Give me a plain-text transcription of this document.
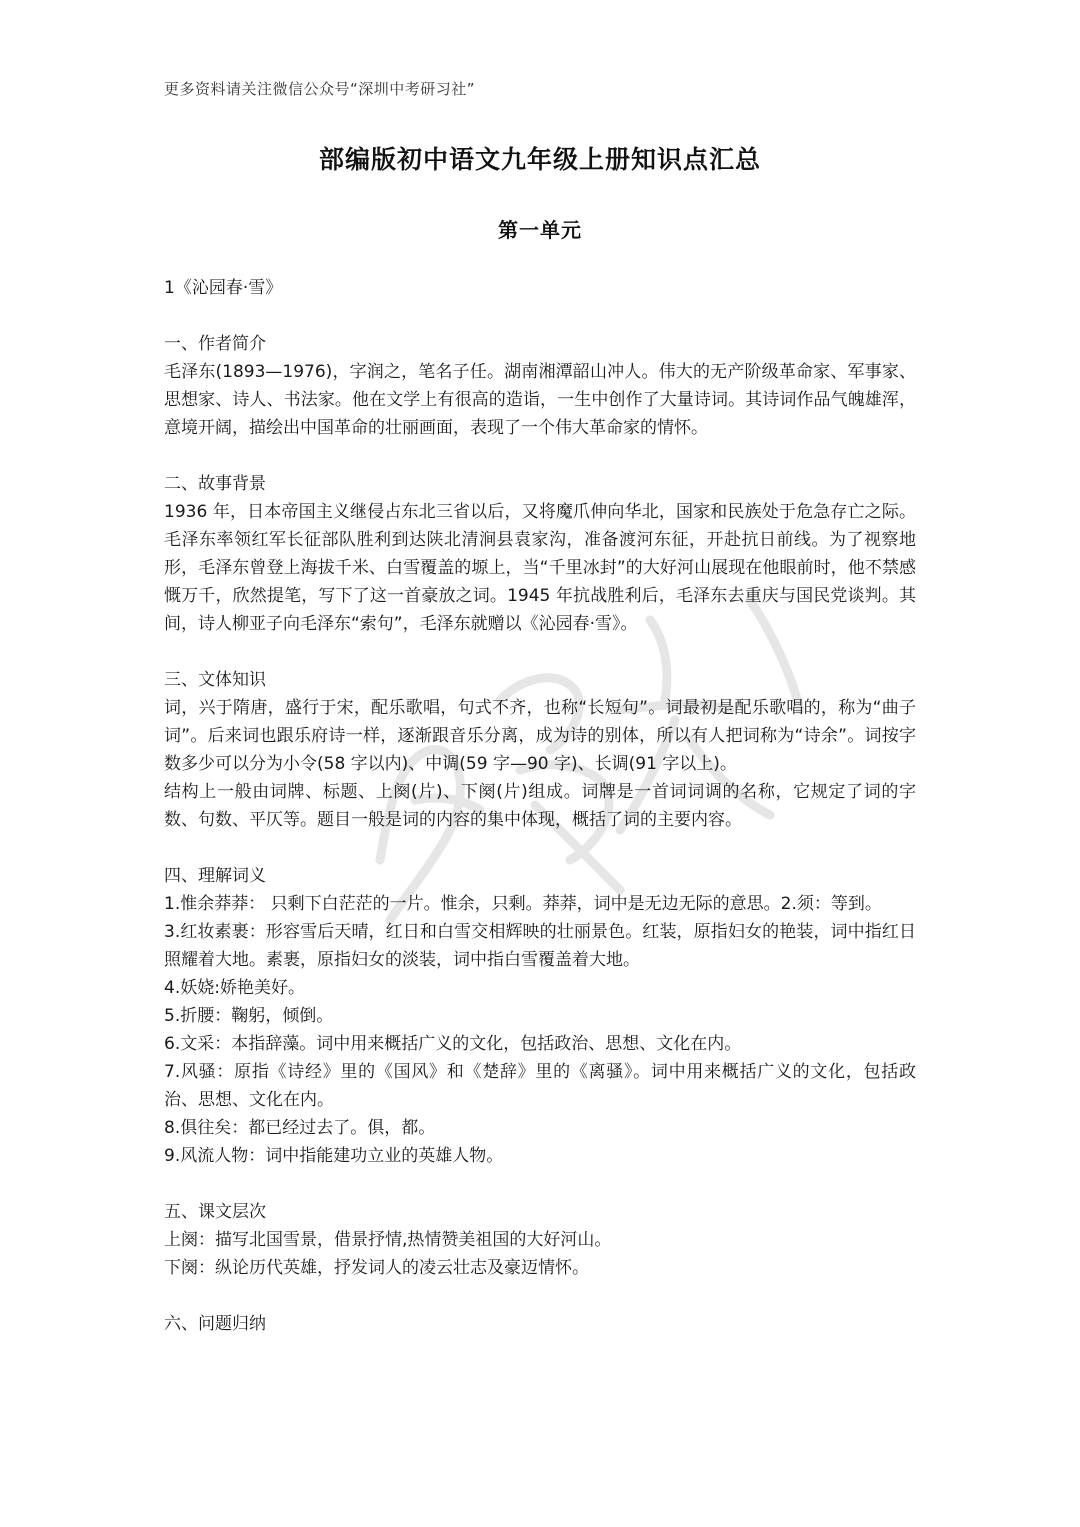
更多资料请关注微信公众号“深圳中考研习社”
部编版初中语文九年级上册知识点汇总
第一单元

1《沁园春·雪》

一、作者简介

毛泽东(1893—1976)，字润之，笔名子任。湖南湘潭韶山冲人。伟大的无产阶级革命家、军事家、思想家、诗人、书法家。他在文学上有很高的造诣，一生中创作了大量诗词。其诗词作品气魄雄浑，意境开阔，描绘出中国革命的壮丽画面，表现了一个伟大革命家的情怀。

二、故事背景

1936 年，日本帝国主义继侵占东北三省以后，又将魔爪伸向华北，国家和民族处于危急存亡之际。毛泽东率领红军长征部队胜利到达陕北清涧县袁家沟，准备渡河东征，开赴抗日前线。为了视察地形，毛泽东曾登上海拔千米、白雪覆盖的塬上，当“千里冰封”的大好河山展现在他眼前时，他不禁感慨万千，欣然提笔，写下了这一首豪放之词。1945 年抗战胜利后，毛泽东去重庆与国民党谈判。其间，诗人柳亚子向毛泽东“索句”，毛泽东就赠以《沁园春·雪》。

三、文体知识

词，兴于隋唐，盛行于宋，配乐歌唱，句式不齐，也称“长短句”。词最初是配乐歌唱的，称为“曲子词”。后来词也跟乐府诗一样，逐渐跟音乐分离，成为诗的别体，所以有人把词称为“诗余”。词按字数多少可以分为小令(58 字以内)、中调(59 字—90 字)、长调(91 字以上)。

结构上一般由词牌、标题、上阕(片)、下阕(片)组成。词牌是一首词词调的名称，它规定了词的字数、句数、平仄等。题目一般是词的内容的集中体现，概括了词的主要内容。

四、理解词义

1.惟余莽莽： 只剩下白茫茫的一片。惟余，只剩。莽莽，词中是无边无际的意思。2.须：等到。

3.红妆素裹：形容雪后天晴，红日和白雪交相辉映的壮丽景色。红装，原指妇女的艳装，词中指红日照耀着大地。素裹，原指妇女的淡装，词中指白雪覆盖着大地。

4.妖娆:娇艳美好。

5.折腰：鞠躬，倾倒。

6.文采：本指辞藻。词中用来概括广义的文化，包括政治、思想、文化在内。

7.风骚：原指《诗经》里的《国风》和《楚辞》里的《离骚》。词中用来概括广义的文化，包括政治、思想、文化在内。

8.俱往矣：都已经过去了。俱，都。

9.风流人物：词中指能建功立业的英雄人物。

五、课文层次

上阕：描写北国雪景，借景抒情,热情赞美祖国的大好河山。

下阕：纵论历代英雄，抒发词人的凌云壮志及豪迈情怀。

六、问题归纳
